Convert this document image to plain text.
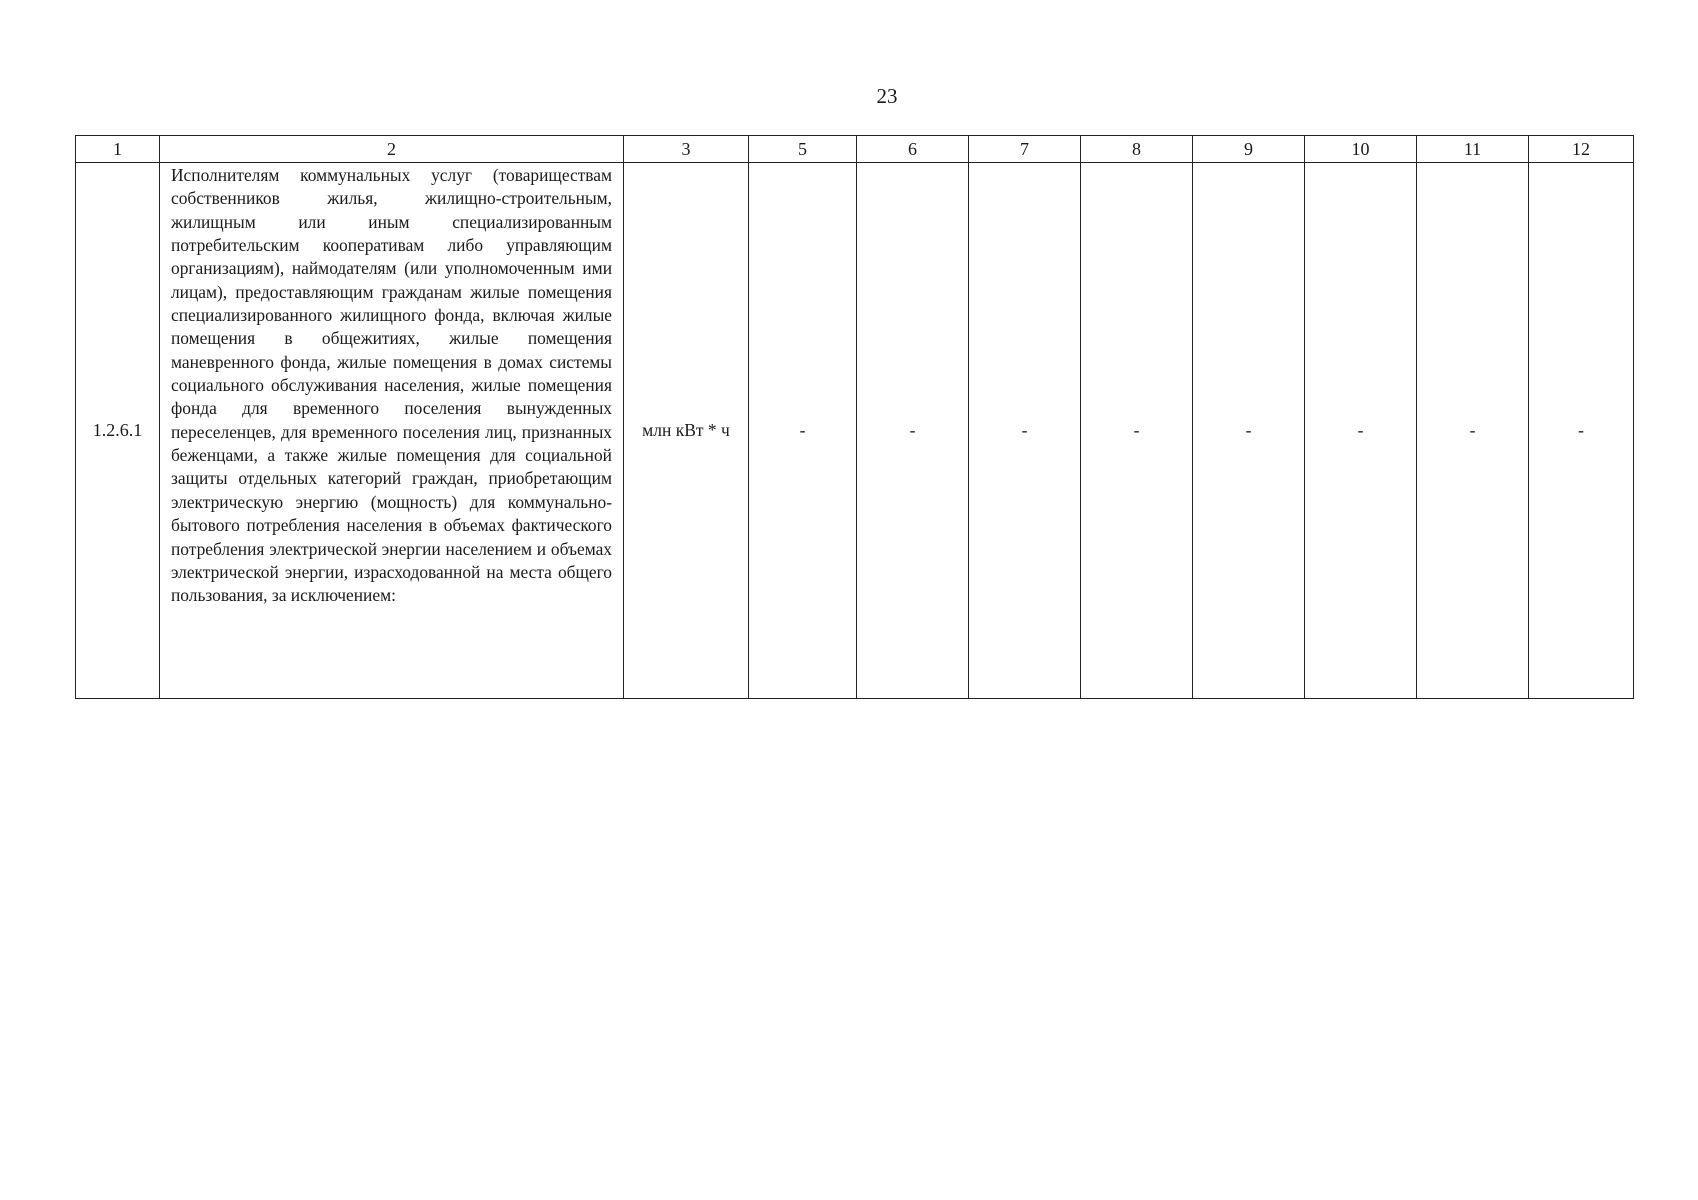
23
1	2	3	5	6	7	8	9	10	11	12
1.2.6.1	Исполнителям коммунальных услуг (товариществам собственников жилья, жилищно-строительным, жилищным или иным специализированным потребительским кооперативам либо управляющим организациям), наймодателям (или уполномоченным ими лицам), предоставляющим гражданам жилые помещения специализированного жилищного фонда, включая жилые помещения в общежитиях, жилые помещения маневренного фонда, жилые помещения в домах системы социального обслуживания населения, жилые помещения фонда для временного поселения вынужденных переселенцев, для временного поселения лиц, признанных беженцами, а также жилые помещения для социальной защиты отдельных категорий граждан, приобретающим электрическую энергию (мощность) для коммунально-бытового потребления населения в объемах фактического потребления электрической энергии населением и объемах электрической энергии, израсходованной на места общего пользования, за исключением:	млн кВт * ч	-	-	-	-	-	-	-	-
